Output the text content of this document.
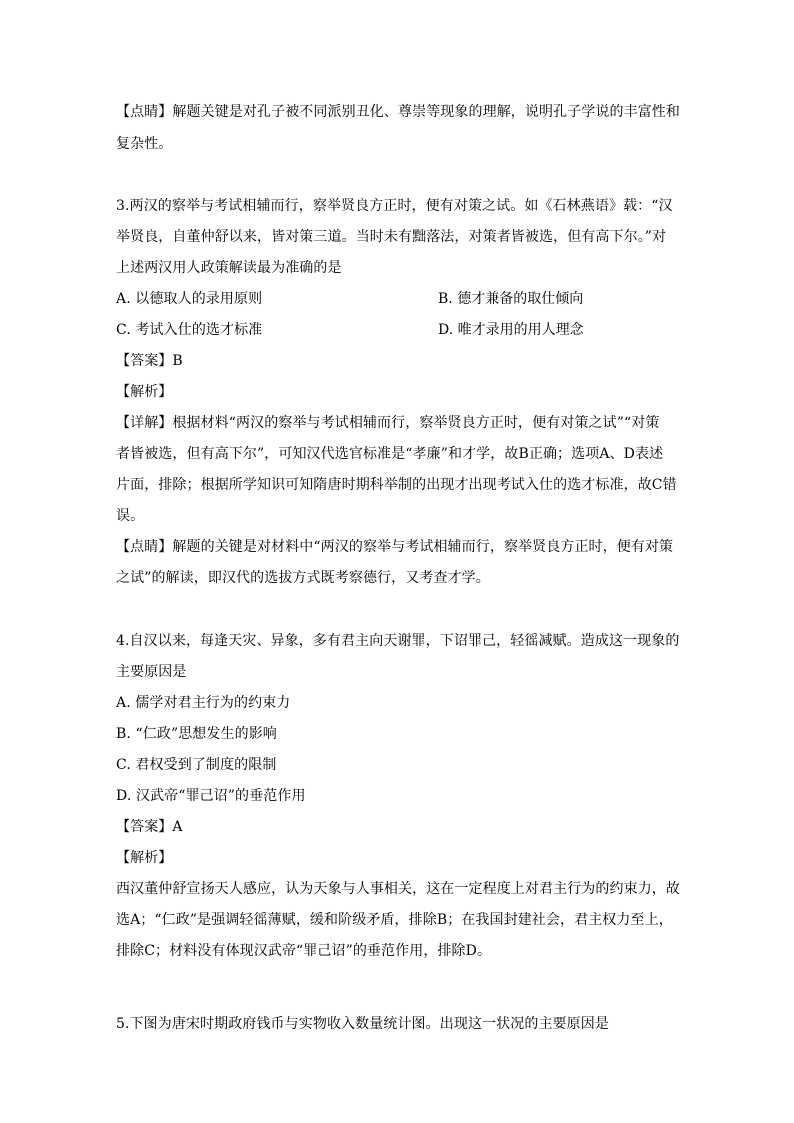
【点睛】解题关键是对孔子被不同派别丑化、尊崇等现象的理解，说明孔子学说的丰富性和
复杂性。
3.两汉的察举与考试相辅而行，察举贤良方正时，便有对策之试。如《石林燕语》载：“汉
举贤良，自董仲舒以来，皆对策三道。当时未有黜落法，对策者皆被选，但有高下尔。”对
上述两汉用人政策解读最为准确的是
A. 以德取人的录用原则	B. 德才兼备的取仕倾向
C. 考试入仕的选才标准	D. 唯才录用的用人理念
【答案】B
【解析】
【详解】根据材料“两汉的察举与考试相辅而行，察举贤良方正时，便有对策之试”“对策
者皆被选，但有高下尔”，可知汉代选官标准是“孝廉”和才学，故B正确；选项A、D表述
片面，排除；根据所学知识可知隋唐时期科举制的出现才出现考试入仕的选才标准，故C错
误。
【点睛】解题的关键是对材料中“两汉的察举与考试相辅而行，察举贤良方正时，便有对策
之试”的解读，即汉代的选拔方式既考察德行，又考查才学。
4.自汉以来，每逢天灾、异象，多有君主向天谢罪，下诏罪己，轻徭减赋。造成这一现象的
主要原因是
A. 儒学对君主行为的约束力
B. “仁政”思想发生的影响
C. 君权受到了制度的限制
D. 汉武帝“罪己诏”的垂范作用
【答案】A
【解析】
西汉董仲舒宣扬天人感应，认为天象与人事相关，这在一定程度上对君主行为的约束力，故
选A；“仁政”是强调轻徭薄赋，缓和阶级矛盾，排除B；在我国封建社会，君主权力至上，
排除C；材料没有体现汉武帝“罪己诏”的垂范作用，排除D。
5.下图为唐宋时期政府钱币与实物收入数量统计图。出现这一状况的主要原因是
